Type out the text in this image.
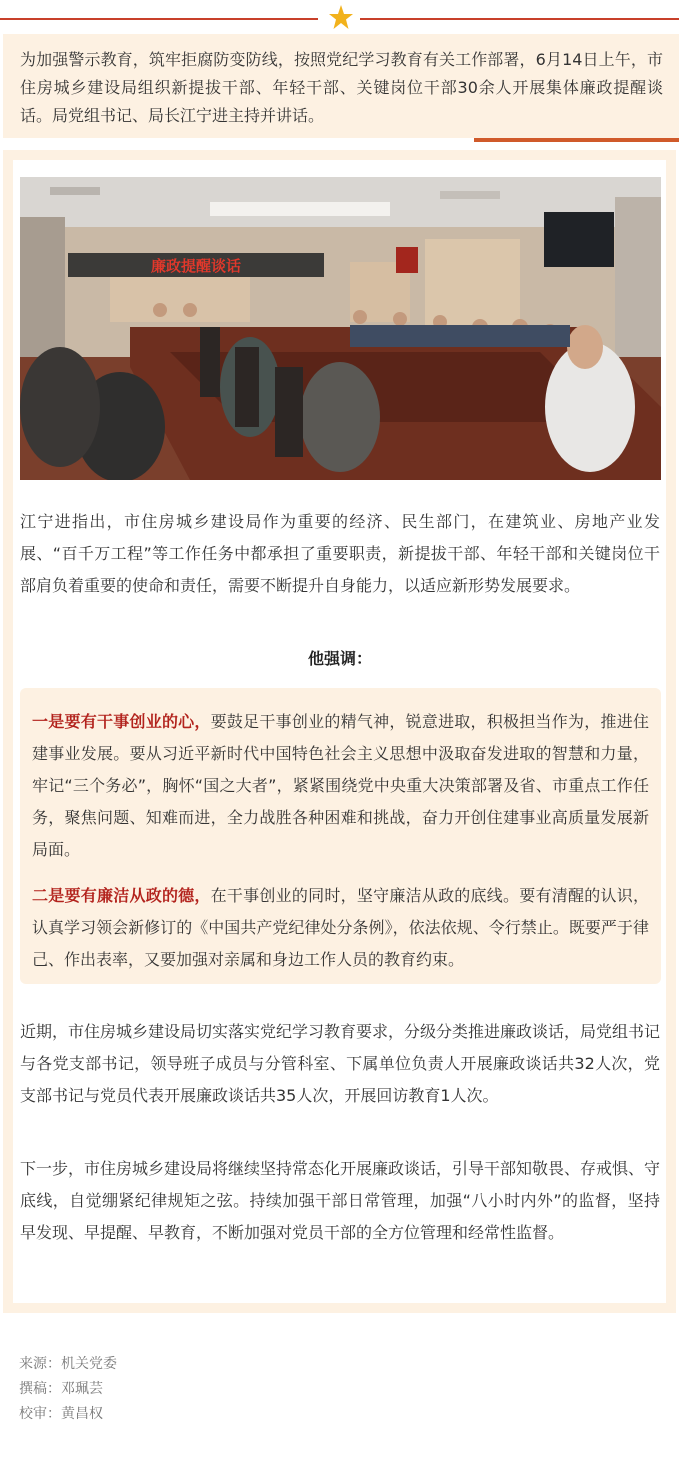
为加强警示教育，筑牢拒腐防变防线，按照党纪学习教育有关工作部署，6月14日上午，市住房城乡建设局组织新提拔干部、年轻干部、关键岗位干部30余人开展集体廉政提醒谈话。局党组书记、局长江宁进主持并讲话。

廉政提醒谈话

江宁进指出，市住房城乡建设局作为重要的经济、民生部门，在建筑业、房地产业发展、“百千万工程”等工作任务中都承担了重要职责，新提拔干部、年轻干部和关键岗位干部肩负着重要的使命和责任，需要不断提升自身能力，以适应新形势发展要求。

他强调：

一是要有干事创业的心，要鼓足干事创业的精气神，锐意进取，积极担当作为，推进住建事业发展。要从习近平新时代中国特色社会主义思想中汲取奋发进取的智慧和力量，牢记“三个务必”，胸怀“国之大者”，紧紧围绕党中央重大决策部署及省、市重点工作任务，聚焦问题、知难而进，全力战胜各种困难和挑战，奋力开创住建事业高质量发展新局面。

二是要有廉洁从政的德，在干事创业的同时，坚守廉洁从政的底线。要有清醒的认识，认真学习领会新修订的《中国共产党纪律处分条例》，依法依规、令行禁止。既要严于律己、作出表率，又要加强对亲属和身边工作人员的教育约束。

近期，市住房城乡建设局切实落实党纪学习教育要求，分级分类推进廉政谈话，局党组书记与各党支部书记，领导班子成员与分管科室、下属单位负责人开展廉政谈话共32人次，党支部书记与党员代表开展廉政谈话共35人次，开展回访教育1人次。

下一步，市住房城乡建设局将继续坚持常态化开展廉政谈话，引导干部知敬畏、存戒惧、守底线，自觉绷紧纪律规矩之弦。持续加强干部日常管理，加强“八小时内外”的监督，坚持早发现、早提醒、早教育，不断加强对党员干部的全方位管理和经常性监督。

来源：机关党委
撰稿：邓珮芸
校审：黄昌权
